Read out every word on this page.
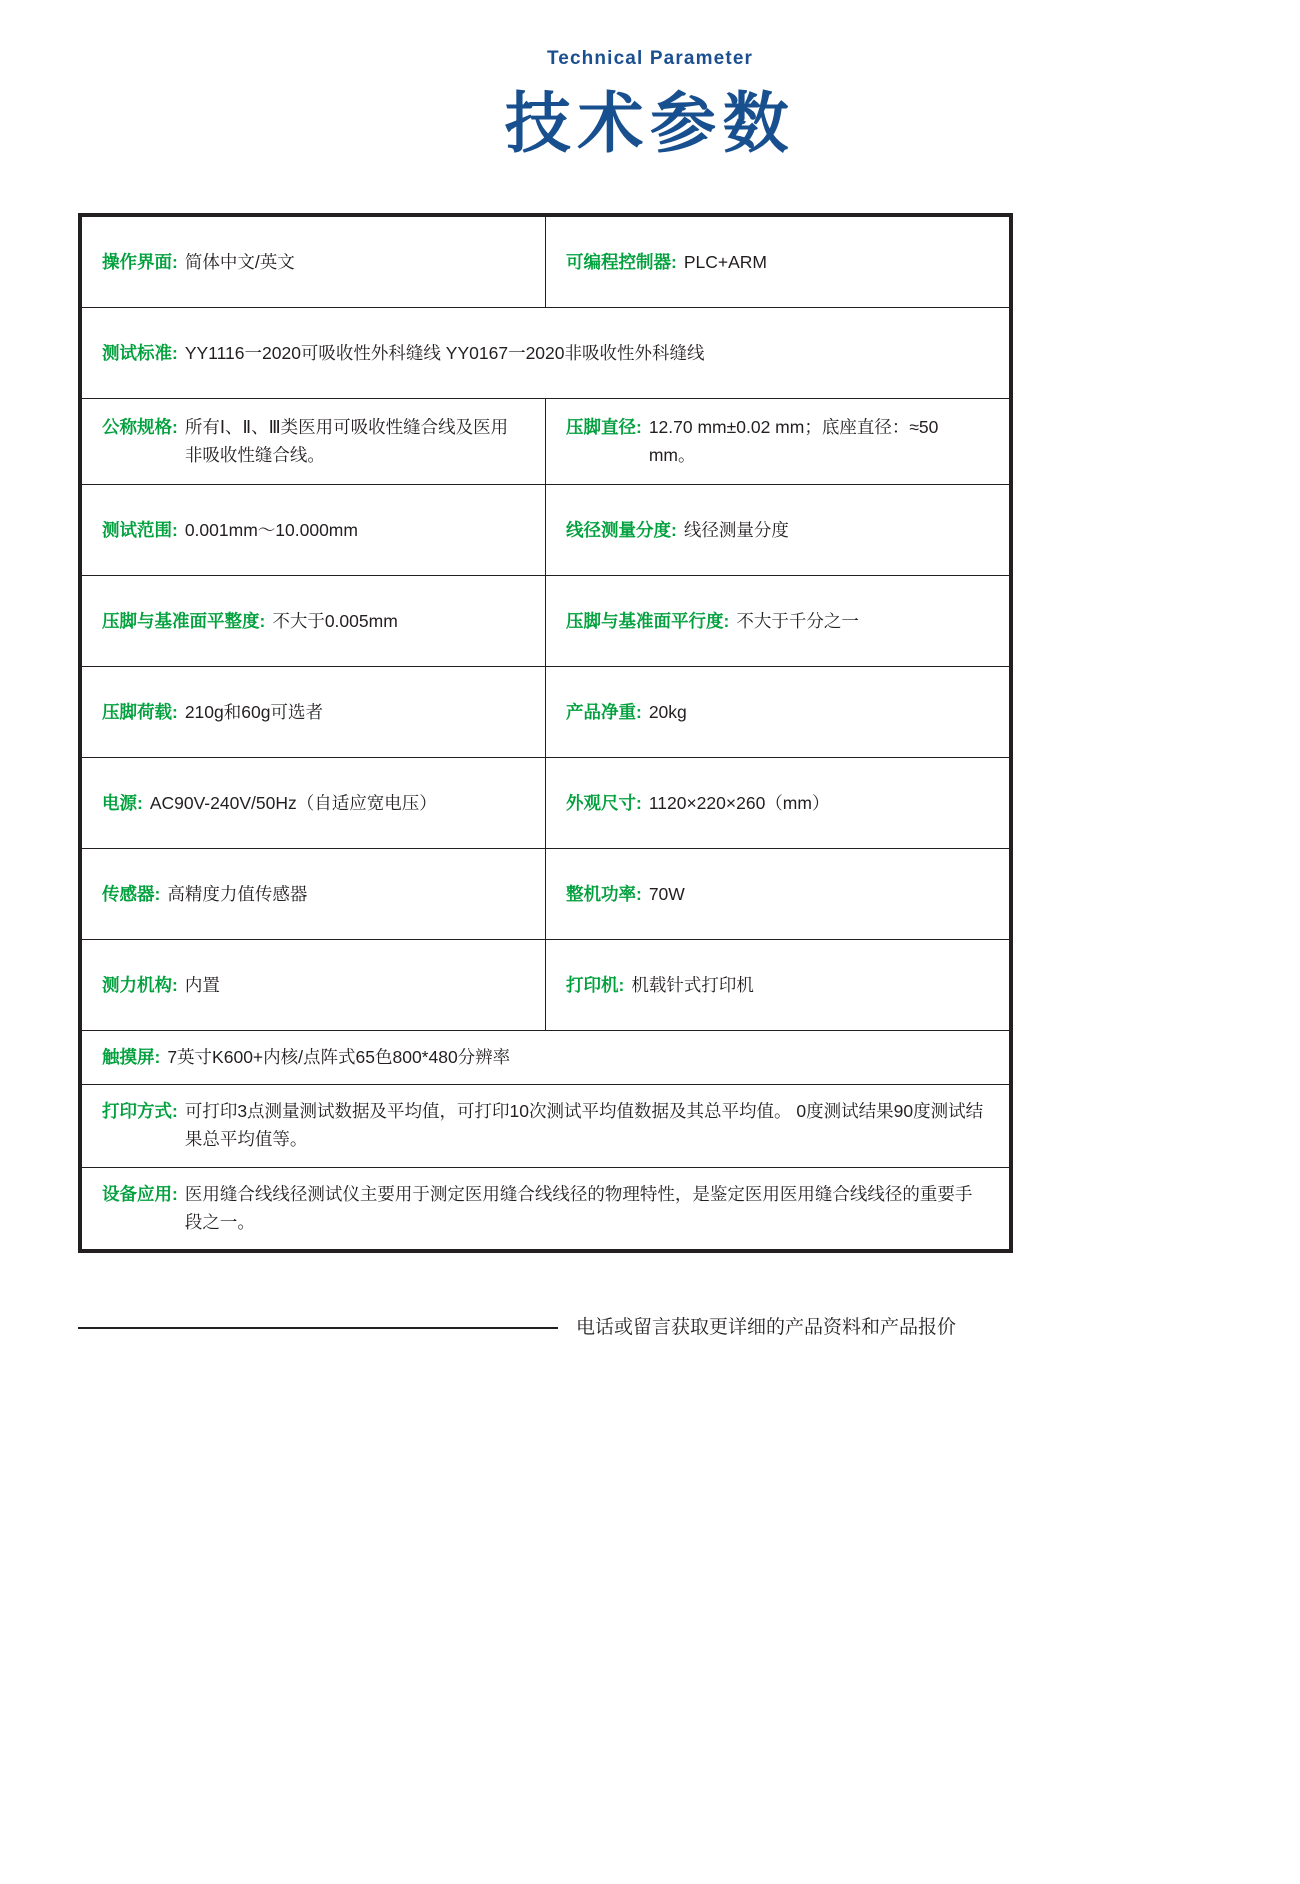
Technical Parameter
技术参数
操作界面: 简体中文/英文	可编程控制器: PLC+ARM

测试标准: YY1116一2020可吸收性外科缝线 YY0167一2020非吸收性外科缝线	

公称规格: 所有Ⅰ、Ⅱ、Ⅲ类医用可吸收性缝合线及医用非吸收性缝合线。	压脚直径: 12.70 mm±0.02 mm；底座直径：≈50 mm。

测试范围: 0.001mm～10.000mm	线径测量分度: 线径测量分度

压脚与基准面平整度: 不大于0.005mm	压脚与基准面平行度: 不大于千分之一

压脚荷载: 210g和60g可选者	产品净重: 20kg

电源: AC90V-240V/50Hz（自适应宽电压）	外观尺寸: 1120×220×260（mm）

传感器: 高精度力值传感器	整机功率: 70W

测力机构: 内置	打印机: 机载针式打印机

触摸屏: 7英寸K600+内核/点阵式65色800*480分辨率	

打印方式: 可打印3点测量测试数据及平均值，可打印10次测试平均值数据及其总平均值。 0度测试结果90度测试结果总平均值等。	

设备应用: 医用缝合线线径测试仪主要用于测定医用缝合线线径的物理特性，是鉴定医用医用缝合线线径的重要手段之一。	
电话或留言获取更详细的产品资料和产品报价
